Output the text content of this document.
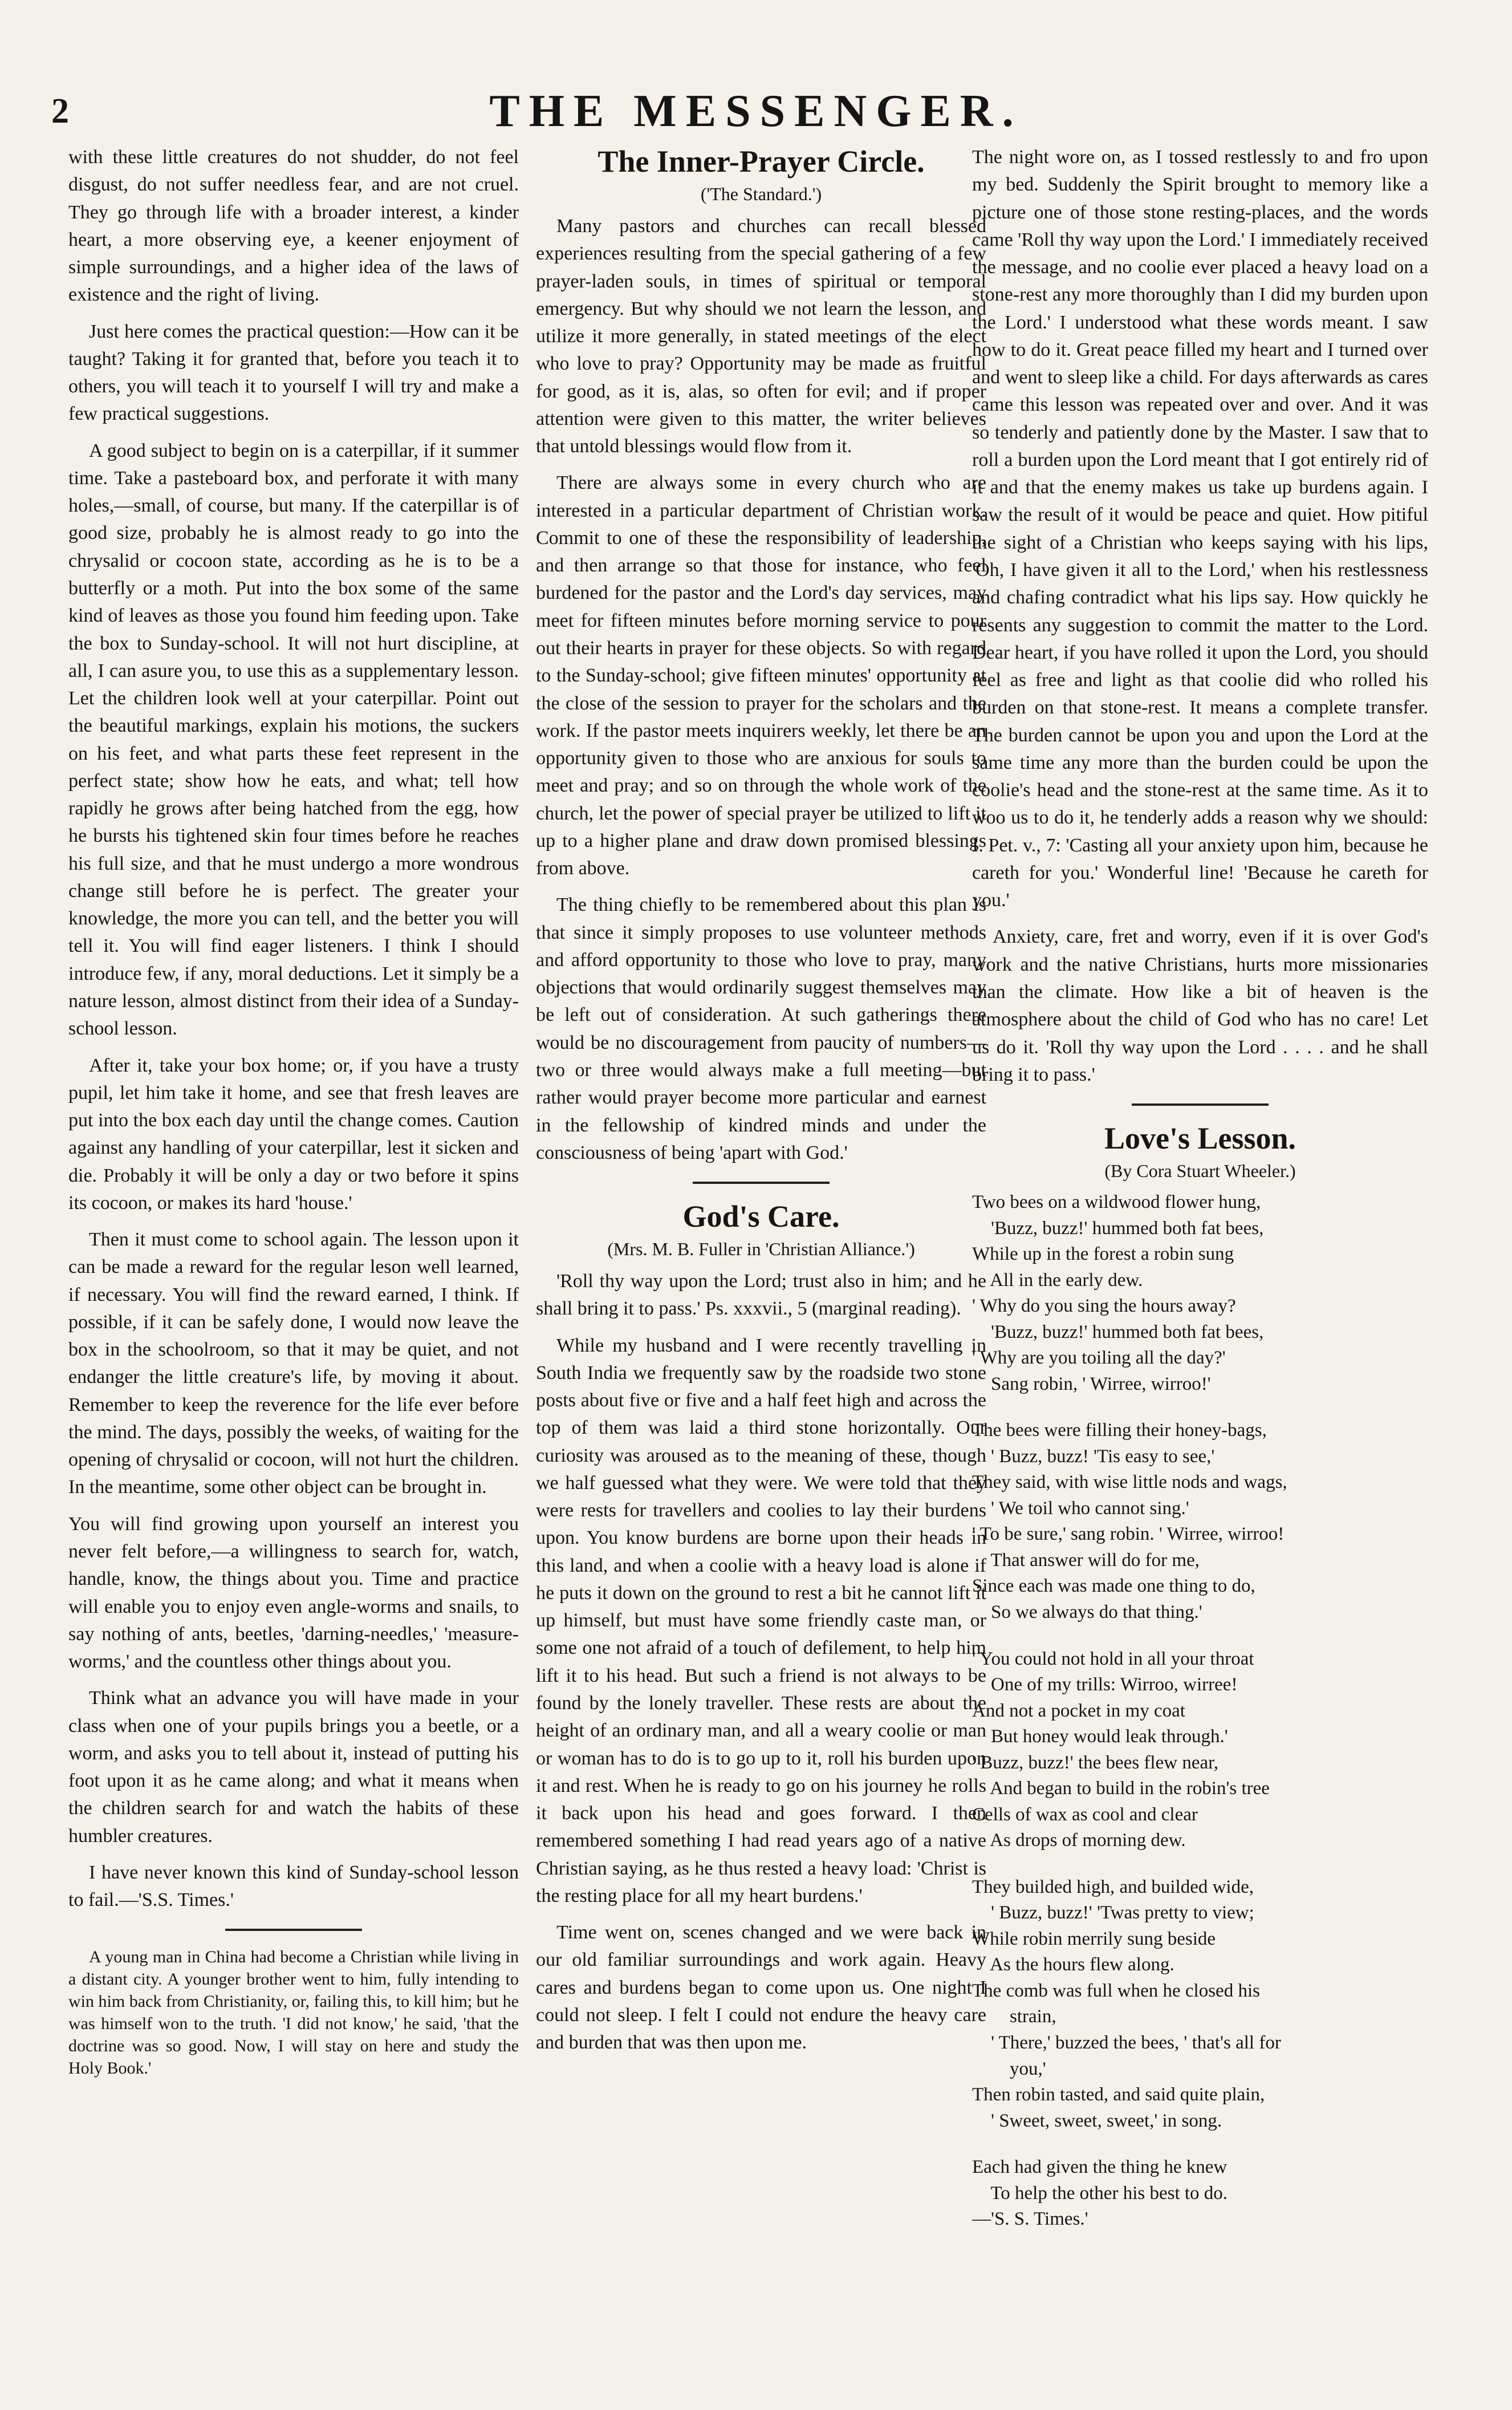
2	THE MESSENGER.

with these little creatures do not shudder, do not feel disgust, do not suffer needless fear, and are not cruel. They go through life with a broader interest, a kinder heart, a more observing eye, a keener enjoyment of simple surroundings, and a higher idea of the laws of existence and the right of living.

Just here comes the practical question:—How can it be taught? Taking it for granted that, before you teach it to others, you will teach it to yourself I will try and make a few practical suggestions.

A good subject to begin on is a caterpillar, if it summer time. Take a pasteboard box, and perforate it with many holes,—small, of course, but many. If the caterpillar is of good size, probably he is almost ready to go into the chrysalid or cocoon state, according as he is to be a butterfly or a moth. Put into the box some of the same kind of leaves as those you found him feeding upon. Take the box to Sunday-school. It will not hurt discipline, at all, I can asure you, to use this as a supplementary lesson. Let the children look well at your caterpillar. Point out the beautiful markings, explain his motions, the suckers on his feet, and what parts these feet represent in the perfect state; show how he eats, and what; tell how rapidly he grows after being hatched from the egg, how he bursts his tightened skin four times before he reaches his full size, and that he must undergo a more wondrous change still before he is perfect. The greater your knowledge, the more you can tell, and the better you will tell it. You will find eager listeners. I think I should introduce few, if any, moral deductions. Let it simply be a nature lesson, almost distinct from their idea of a Sunday-school lesson.

After it, take your box home; or, if you have a trusty pupil, let him take it home, and see that fresh leaves are put into the box each day until the change comes. Caution against any handling of your caterpillar, lest it sicken and die. Probably it will be only a day or two before it spins its cocoon, or makes its hard 'house.'

Then it must come to school again. The lesson upon it can be made a reward for the regular leson well learned, if necessary. You will find the reward earned, I think. If possible, if it can be safely done, I would now leave the box in the schoolroom, so that it may be quiet, and not endanger the little creature's life, by moving it about. Remember to keep the reverence for the life ever before the mind. The days, possibly the weeks, of waiting for the opening of chrysalid or cocoon, will not hurt the children. In the meantime, some other object can be brought in.

You will find growing upon yourself an interest you never felt before,—a willingness to search for, watch, handle, know, the things about you. Time and practice will enable you to enjoy even angle-worms and snails, to say nothing of ants, beetles, 'darning-needles,' 'measure-worms,' and the countless other things about you.

Think what an advance you will have made in your class when one of your pupils brings you a beetle, or a worm, and asks you to tell about it, instead of putting his foot upon it as he came along; and what it means when the children search for and watch the habits of these humbler creatures.

I have never known this kind of Sunday-school lesson to fail.—'S.S. Times.'

A young man in China had become a Christian while living in a distant city. A younger brother went to him, fully intending to win him back from Christianity, or, failing this, to kill him; but he was himself won to the truth. 'I did not know,' he said, 'that the doctrine was so good. Now, I will stay on here and study the Holy Book.'

The Inner-Prayer Circle.
('The Standard.')

Many pastors and churches can recall blessed experiences resulting from the special gathering of a few prayer-laden souls, in times of spiritual or temporal emergency. But why should we not learn the lesson, and utilize it more generally, in stated meetings of the elect who love to pray? Opportunity may be made as fruitful for good, as it is, alas, so often for evil; and if proper attention were given to this matter, the writer believes that untold blessings would flow from it.

There are always some in every church who are interested in a particular department of Christian work. Commit to one of these the responsibility of leadership, and then arrange so that those for instance, who feel burdened for the pastor and the Lord's day services, may meet for fifteen minutes before morning service to pour out their hearts in prayer for these objects. So with regard to the Sunday-school; give fifteen minutes' opportunity at the close of the session to prayer for the scholars and the work. If the pastor meets inquirers weekly, let there be an opportunity given to those who are anxious for souls to meet and pray; and so on through the whole work of the church, let the power of special prayer be utilized to lift it up to a higher plane and draw down promised blessings from above.

The thing chiefly to be remembered about this plan is that since it simply proposes to use volunteer methods and afford opportunity to those who love to pray, many objections that would ordinarily suggest themselves may be left out of consideration. At such gatherings there would be no discouragement from paucity of numbers—two or three would always make a full meeting—but rather would prayer become more particular and earnest in the fellowship of kindred minds and under the consciousness of being 'apart with God.'

God's Care.
(Mrs. M. B. Fuller in 'Christian Alliance.')

'Roll thy way upon the Lord; trust also in him; and he shall bring it to pass.' Ps. xxxvii., 5 (marginal reading).

While my husband and I were recently travelling in South India we frequently saw by the roadside two stone posts about five or five and a half feet high and across the top of them was laid a third stone horizontally. Our curiosity was aroused as to the meaning of these, though we half guessed what they were. We were told that they were rests for travellers and coolies to lay their burdens upon. You know burdens are borne upon their heads in this land, and when a coolie with a heavy load is alone if he puts it down on the ground to rest a bit he cannot lift it up himself, but must have some friendly caste man, or some one not afraid of a touch of defilement, to help him lift it to his head. But such a friend is not always to be found by the lonely traveller. These rests are about the height of an ordinary man, and all a weary coolie or man or woman has to do is to go up to it, roll his burden upon it and rest. When he is ready to go on his journey he rolls it back upon his head and goes forward. I then remembered something I had read years ago of a native Christian saying, as he thus rested a heavy load: 'Christ is the resting place for all my heart burdens.'

Time went on, scenes changed and we were back in our old familiar surroundings and work again. Heavy cares and burdens began to come upon us. One night I could not sleep. I felt I could not endure the heavy care and burden that was then upon me.

The night wore on, as I tossed restlessly to and fro upon my bed. Suddenly the Spirit brought to memory like a picture one of those stone resting-places, and the words came 'Roll thy way upon the Lord.' I immediately received the message, and no coolie ever placed a heavy load on a stone-rest any more thoroughly than I did my burden upon the Lord.' I understood what these words meant. I saw how to do it. Great peace filled my heart and I turned over and went to sleep like a child. For days afterwards as cares came this lesson was repeated over and over. And it was so tenderly and patiently done by the Master. I saw that to roll a burden upon the Lord meant that I got entirely rid of it and that the enemy makes us take up burdens again. I saw the result of it would be peace and quiet. How pitiful the sight of a Christian who keeps saying with his lips, 'Oh, I have given it all to the Lord,' when his restlessness and chafing contradict what his lips say. How quickly he resents any suggestion to commit the matter to the Lord. Dear heart, if you have rolled it upon the Lord, you should feel as free and light as that coolie did who rolled his burden on that stone-rest. It means a complete transfer. The burden cannot be upon you and upon the Lord at the same time any more than the burden could be upon the coolie's head and the stone-rest at the same time. As it to woo us to do it, he tenderly adds a reason why we should: I. Pet. v., 7: 'Casting all your anxiety upon him, because he careth for you.' Wonderful line! 'Because he careth for you.'

Anxiety, care, fret and worry, even if it is over God's work and the native Christians, hurts more missionaries than the climate. How like a bit of heaven is the atmosphere about the child of God who has no care! Let us do it. 'Roll thy way upon the Lord . . . . and he shall bring it to pass.'

Love's Lesson.
(By Cora Stuart Wheeler.)
Two bees on a wildwood flower hung,
'Buzz, buzz!' hummed both fat bees,
While up in the forest a robin sung
All in the early dew.
' Why do you sing the hours away?
'Buzz, buzz!' hummed both fat bees,
' Why are you toiling all the day?'
Sang robin, ' Wirree, wirroo!'
The bees were filling their honey-bags,
' Buzz, buzz! 'Tis easy to see,'
They said, with wise little nods and wags,
' We toil who cannot sing.'
' To be sure,' sang robin. ' Wirree, wirroo!
That answer will do for me,
Since each was made one thing to do,
So we always do that thing.'
' You could not hold in all your throat
One of my trills: Wirroo, wirree!
And not a pocket in my coat
But honey would leak through.'
' Buzz, buzz!' the bees flew near,
And began to build in the robin's tree
Cells of wax as cool and clear
As drops of morning dew.
They builded high, and builded wide,
' Buzz, buzz!' 'Twas pretty to view;
While robin merrily sung beside
As the hours flew along.
The comb was full when he closed his
strain,
' There,' buzzed the bees, ' that's all for
you,'
Then robin tasted, and said quite plain,
' Sweet, sweet, sweet,' in song.
Each had given the thing he knew
To help the other his best to do.
—'S. S. Times.'
